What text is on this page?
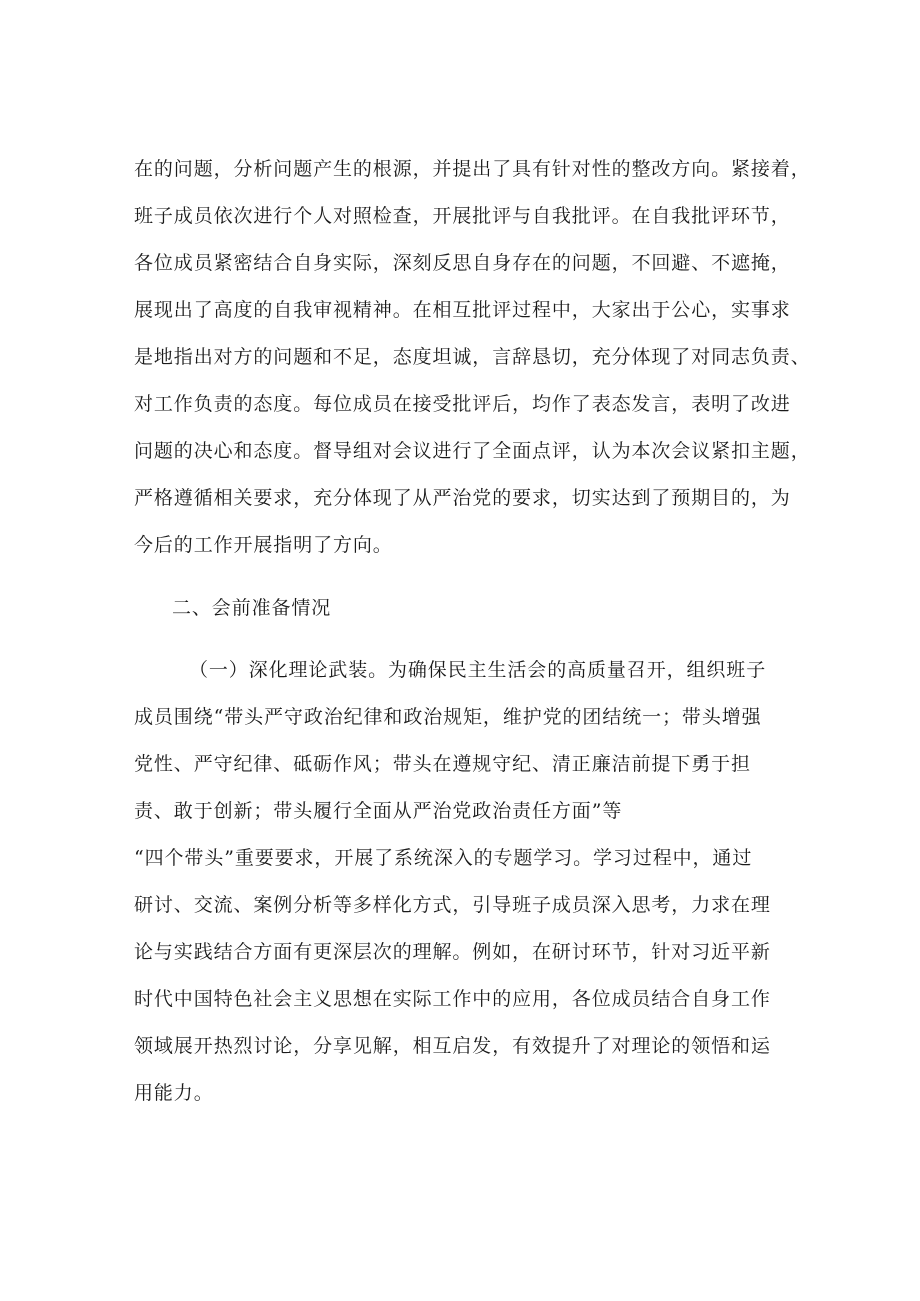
在的问题，分析问题产生的根源，并提出了具有针对性的整改方向。紧接着，
班子成员依次进行个人对照检查，开展批评与自我批评。在自我批评环节，
各位成员紧密结合自身实际，深刻反思自身存在的问题，不回避、不遮掩，
展现出了高度的自我审视精神。在相互批评过程中，大家出于公心，实事求
是地指出对方的问题和不足，态度坦诚，言辞恳切，充分体现了对同志负责、
对工作负责的态度。每位成员在接受批评后，均作了表态发言，表明了改进
问题的决心和态度。督导组对会议进行了全面点评，认为本次会议紧扣主题，
严格遵循相关要求，充分体现了从严治党的要求，切实达到了预期目的，为
今后的工作开展指明了方向。
二、会前准备情况
（一）深化理论武装。为确保民主生活会的高质量召开，组织班子
成员围绕“带头严守政治纪律和政治规矩，维护党的团结统一；带头增强
党性、严守纪律、砥砺作风；带头在遵规守纪、清正廉洁前提下勇于担
责、敢于创新；带头履行全面从严治党政治责任方面”等
“四个带头”重要要求，开展了系统深入的专题学习。学习过程中，通过
研讨、交流、案例分析等多样化方式，引导班子成员深入思考，力求在理
论与实践结合方面有更深层次的理解。例如，在研讨环节，针对习近平新
时代中国特色社会主义思想在实际工作中的应用，各位成员结合自身工作
领域展开热烈讨论，分享见解，相互启发，有效提升了对理论的领悟和运
用能力。
